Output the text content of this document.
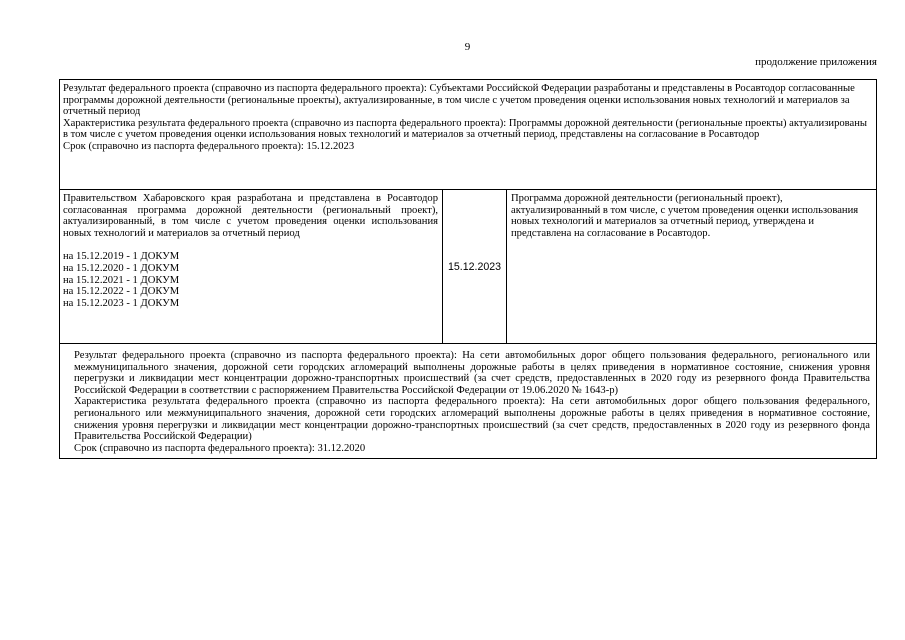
9
продолжение приложения

Результат федерального проекта (справочно из паспорта федерального проекта): Субъектами Российской Федерации разработаны и представлены в Росавтодор согласованные программы дорожной деятельности (региональные проекты), актуализированные, в том числе с учетом проведения оценки использования новых технологий и материалов за отчетный период

Характеристика результата федерального проекта (справочно из паспорта федерального проекта): Программы дорожной деятельности (региональные проекты) актуализированы в том числе с учетом проведения оценки использования новых технологий и материалов за отчетный период, представлены на согласование в Росавтодор

Срок (справочно из паспорта федерального проекта): 15.12.2023

Правительством Хабаровского края разработана и представлена в Росавтодор согласованная программа дорожной деятельности (региональный проект), актуализированный, в том числе с учетом проведения оценки использования новых технологий и материалов за отчетный период

на 15.12.2019 - 1 ДОКУМ
на 15.12.2020 - 1 ДОКУМ
на 15.12.2021 - 1 ДОКУМ
на 15.12.2022 - 1 ДОКУМ
на 15.12.2023 - 1 ДОКУМ

15.12.2023

Программа дорожной деятельности (региональный проект), актуализированный в том числе, с учетом проведения оценки использования новых технологий и материалов за отчетный период, утверждена и представлена на согласование в Росавтодор.

Результат федерального проекта (справочно из паспорта федерального проекта): На сети автомобильных дорог общего пользования федерального, регионального или межмуниципального значения, дорожной сети городских агломераций выполнены дорожные работы в целях приведения в нормативное состояние, снижения уровня перегрузки и ликвидации мест концентрации дорожно-транспортных происшествий (за счет средств, предоставленных в 2020 году из резервного фонда Правительства Российской Федерации в соответствии с распоряжением Правительства Российской Федерации от 19.06.2020 № 1643-р)

Характеристика результата федерального проекта (справочно из паспорта федерального проекта): На сети автомобильных дорог общего пользования федерального, регионального или межмуниципального значения, дорожной сети городских агломераций выполнены дорожные работы в целях приведения в нормативное состояние, снижения уровня перегрузки и ликвидации мест концентрации дорожно-транспортных происшествий (за счет средств, предоставленных в 2020 году из резервного фонда Правительства Российской Федерации)

Срок (справочно из паспорта федерального проекта): 31.12.2020
